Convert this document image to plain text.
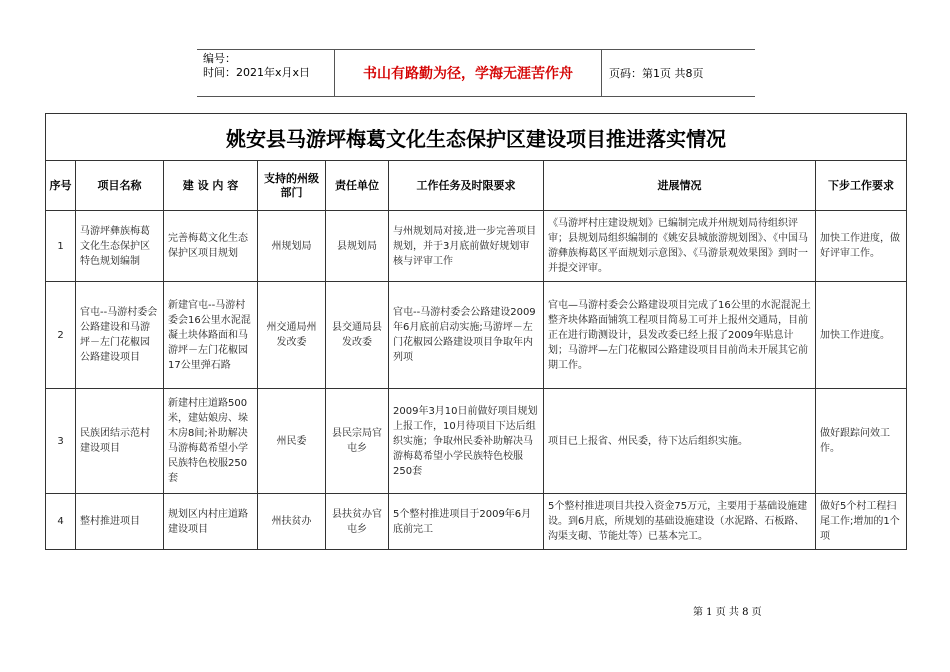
编号：
时间：2021年x月x日	书山有路勤为径，学海无涯苦作舟	页码：第1页 共8页
姚安县马游坪梅葛文化生态保护区建设项目推进落实情况							
序号	项目名称	建 设 内 容	支持的州级部门	责任单位	工作任务及时限要求	进展情况	下步工作要求
1	马游坪彝族梅葛文化生态保护区特色规划编制	完善梅葛文化生态保护区项目规划	州规划局	县规划局	与州规划局对接,进一步完善项目规划，并于3月底前做好规划审核与评审工作	《马游坪村庄建设规划》已编制完成并州规划局待组织评审；县规划局组织编制的《姚安县城旅游规划图》、《中国马游彝族梅葛区平面规划示意图》、《马游景观效果图》到时一并提交评审。	加快工作进度，做好评审工作。
2	官屯--马游村委会公路建设和马游坪－左门花椒园公路建设项目	新建官屯--马游村委会16公里水泥混凝土块体路面和马游坪－左门花椒园17公里弹石路	州交通局州发改委	县交通局县发改委	官屯--马游村委会公路建设2009年6月底前启动实施;马游坪－左门花椒园公路建设项目争取年内列项	官屯—马游村委会公路建设项目完成了16公里的水泥混泥土整齐块体路面铺筑工程项目简易工可并上报州交通局，目前正在进行勘测设计，县发改委已经上报了2009年贴息计划；马游坪—左门花椒园公路建设项目目前尚未开展其它前期工作。	加快工作进度。
3	民族团结示范村建设项目	新建村庄道路500米，建姑娘房、垛木房8间;补助解决马游梅葛希望小学民族特色校服250套	州民委	县民宗局官屯乡	2009年3月10日前做好项目规划上报工作，10月待项目下达后组织实施；争取州民委补助解决马游梅葛希望小学民族特色校服250套	项目已上报省、州民委，待下达后组织实施。	做好跟踪问效工作。
4	整村推进项目	规划区内村庄道路建设项目	州扶贫办	县扶贫办官屯乡	5个整村推进项目于2009年6月底前完工	5个整村推进项目共投入资金75万元，主要用于基础设施建设。到6月底，所规划的基础设施建设（水泥路、石板路、沟渠支砌、节能灶等）已基本完工。	做好5个村工程扫尾工作;增加的1个项
第 1 页 共 8 页
